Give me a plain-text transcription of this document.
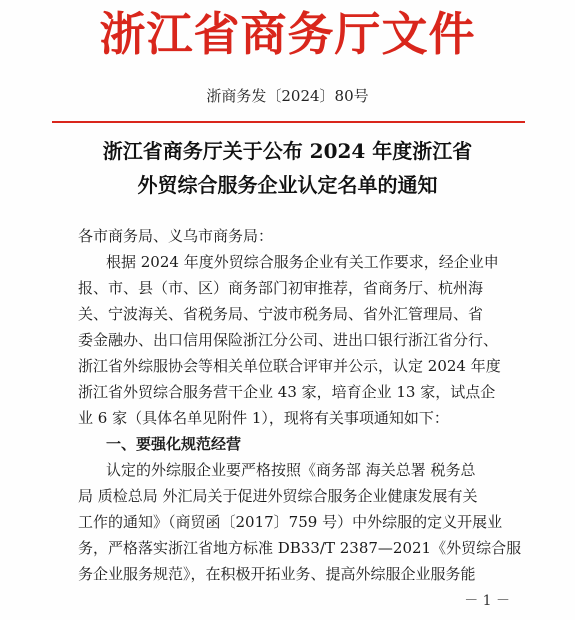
浙江省商务厅文件
浙商务发〔2024〕80号
浙江省商务厅关于公布 2024 年度浙江省
外贸综合服务企业认定名单的通知
各市商务局、义乌市商务局：
根据 2024 年度外贸综合服务企业有关工作要求，经企业申
报、市、县（市、区）商务部门初审推荐，省商务厅、杭州海
关、宁波海关、省税务局、宁波市税务局、省外汇管理局、省
委金融办、出口信用保险浙江分公司、进出口银行浙江省分行、
浙江省外综服协会等相关单位联合评审并公示，认定 2024 年度
浙江省外贸综合服务营干企业 43 家，培育企业 13 家，试点企
业 6 家（具体名单见附件 1），现将有关事项通知如下：
一、要强化规范经营
认定的外综服企业要严格按照《商务部 海关总署 税务总
局 质检总局 外汇局关于促进外贸综合服务企业健康发展有关
工作的通知》（商贸函〔2017〕759 号）中外综服的定义开展业
务，严格落实浙江省地方标准 DB33/T 2387—2021《外贸综合服
务企业服务规范》，在积极开拓业务、提高外综服企业服务能
－ 1 －
